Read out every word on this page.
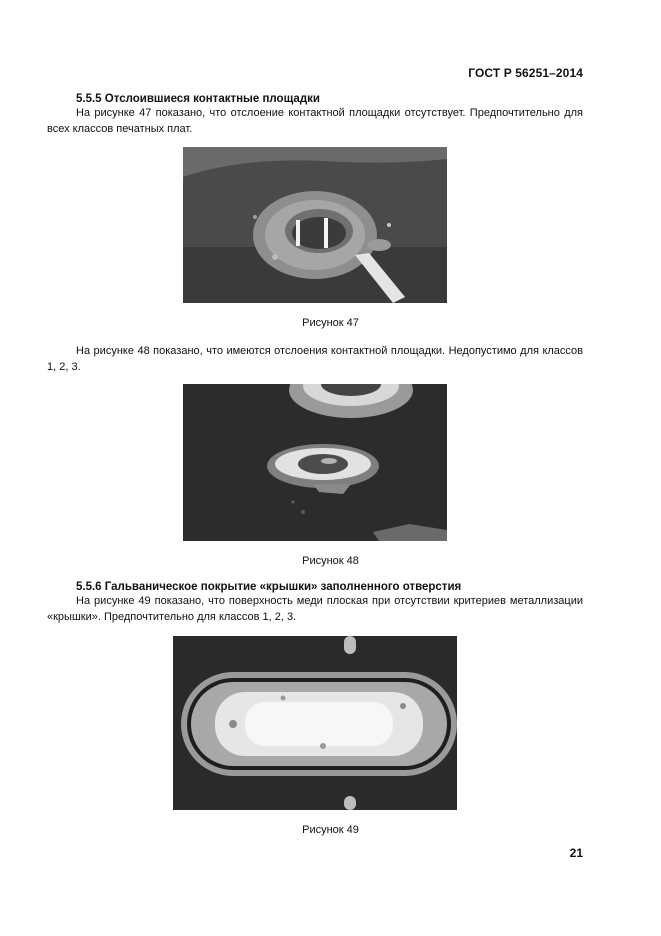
ГОСТ Р 56251–2014
5.5.5 Отслоившиеся контактные площадки
На рисунке 47 показано, что отслоение контактной площадки отсутствует. Предпочтительно для всех классов печатных плат.
Рисунок 47
На рисунке 48 показано, что имеются отслоения контактной площадки. Недопустимо для классов 1, 2, 3.
Рисунок 48
5.5.6 Гальваническое покрытие «крышки» заполненного отверстия
На рисунке 49 показано, что поверхность меди плоская при отсутствии критериев металлизации «крышки». Предпочтительно для классов 1, 2, 3.
Рисунок 49
21
